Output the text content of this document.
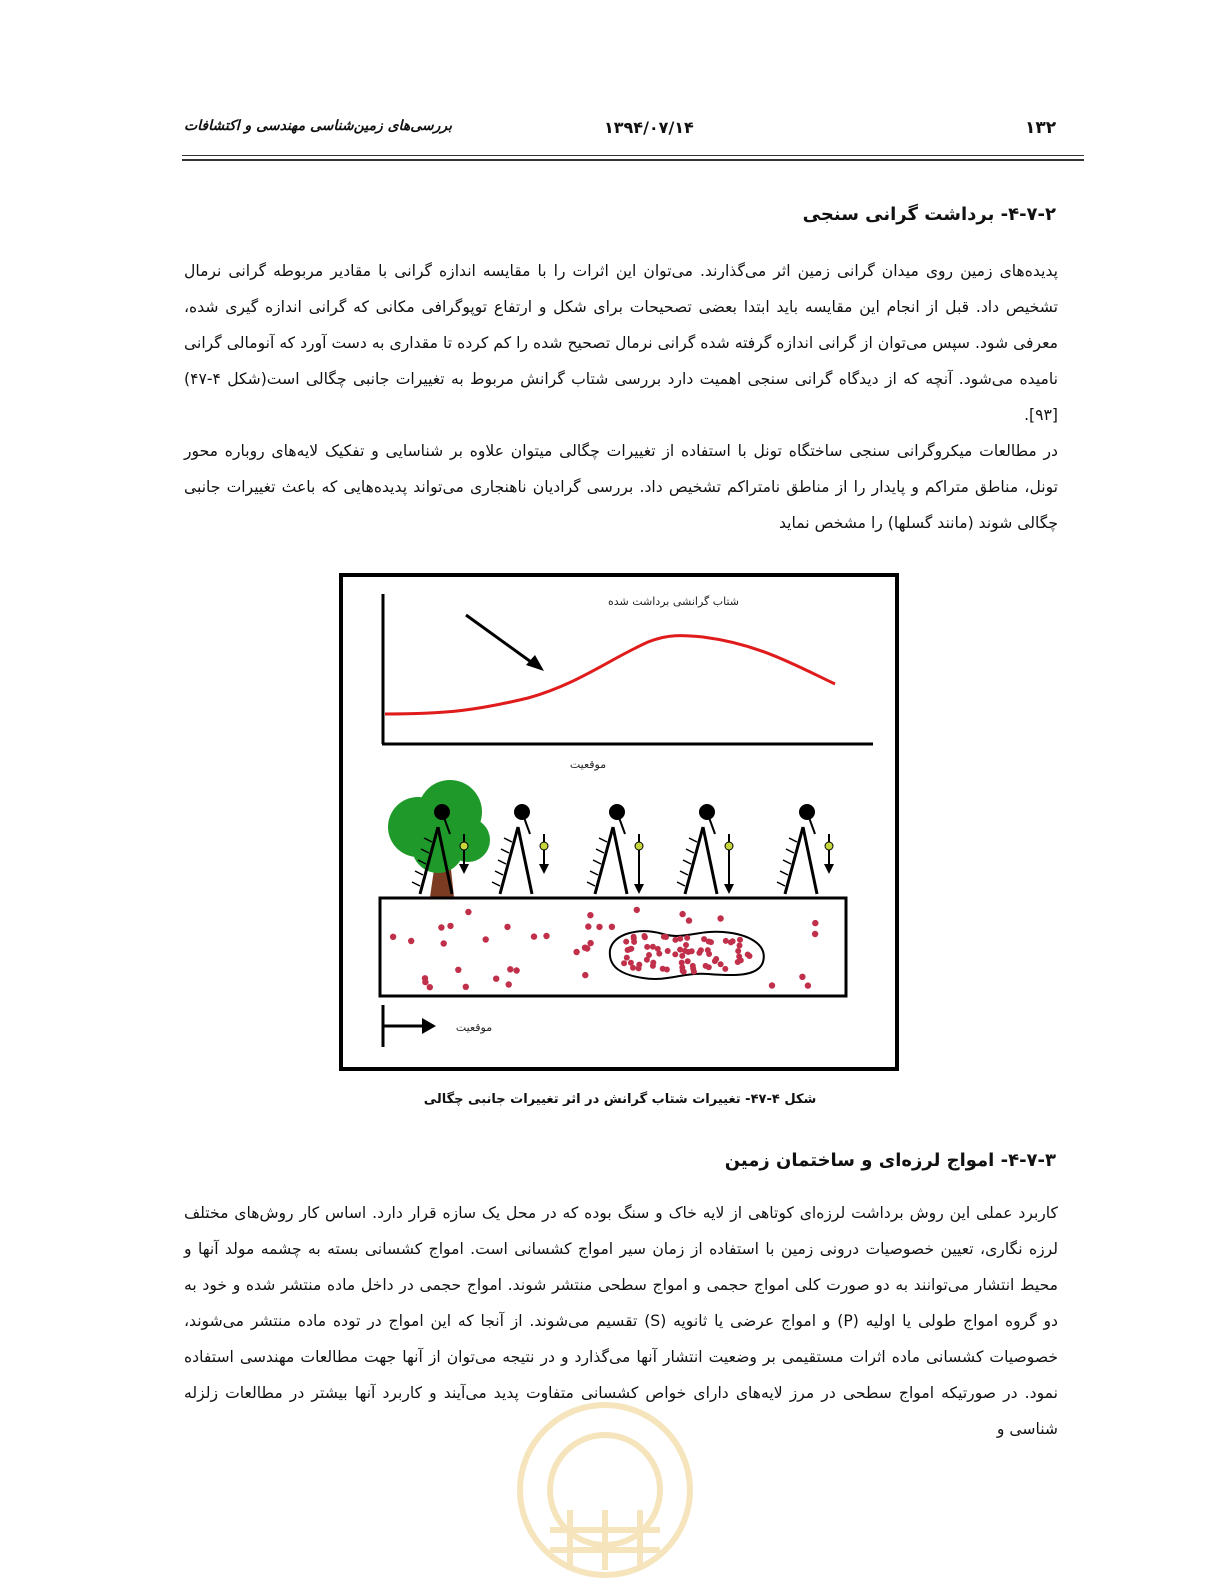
بررسی‌های زمین‌شناسی مهندسی و اکتشافات	۱۳۹۴/۰۷/۱۴	۱۳۲
۴-۷-۲- برداشت گرانی سنجی

پدیده‌های زمین روی میدان گرانی زمین اثر می‌گذارند. می‌توان این اثرات را با مقایسه اندازه گرانی با مقادیر مربوطه گرانی نرمال تشخیص داد. قبل از انجام این مقایسه باید ابتدا بعضی تصحیحات برای شکل و ارتفاع توپوگرافی مکانی که گرانی اندازه گیری شده، معرفی شود. سپس می‌توان از گرانی اندازه گرفته شده گرانی نرمال تصحیح شده را کم کرده تا مقداری به دست آورد که آنومالی گرانی نامیده می‌شود. آنچه که از دیدگاه گرانی سنجی اهمیت دارد بررسی شتاب گرانش مربوط به تغییرات جانبی چگالی است(شکل ۴-۴۷)[۹۳].

در مطالعات میکروگرانی سنجی ساختگاه تونل با استفاده از تغییرات چگالی میتوان علاوه بر شناسایی و تفکیک لایه‌های روباره محور تونل، مناطق متراکم و پایدار را از مناطق نامتراکم تشخیص داد. بررسی گرادیان ناهنجاری می‌تواند پدیده‌هایی که باعث تغییرات جانبی چگالی شوند (مانند گسلها) را مشخص نماید

شتاب گرانشی برداشت شده
موقعیت
موقعیت
شکل ۴-۴۷- تغییرات شتاب گرانش در اثر تغییرات جانبی چگالی
۴-۷-۳- امواج لرزه‌ای و ساختمان زمین

کاربرد عملی این روش برداشت لرزه‌ای کوتاهی از لایه خاک و سنگ بوده که در محل یک سازه قرار دارد. اساس کار روش‌های مختلف لرزه نگاری، تعیین خصوصیات درونی زمین با استفاده از زمان سیر امواج کشسانی است. امواج کشسانی بسته به چشمه مولد آنها و محیط انتشار می‌توانند به دو صورت کلی امواج حجمی و امواج سطحی منتشر شوند. امواج حجمی در داخل ماده منتشر شده و خود به دو گروه امواج طولی یا اولیه (P) و امواج عرضی یا ثانویه (S) تقسیم می‌شوند. از آنجا که این امواج در توده ماده منتشر می‌شوند، خصوصیات کشسانی ماده اثرات مستقیمی بر وضعیت انتشار آنها می‌گذارد و در نتیجه می‌توان از آنها جهت مطالعات مهندسی استفاده نمود. در صورتیکه امواج سطحی در مرز لایه‌های دارای خواص کشسانی متفاوت پدید می‌آیند و کاربرد آنها بیشتر در مطالعات زلزله شناسی و
